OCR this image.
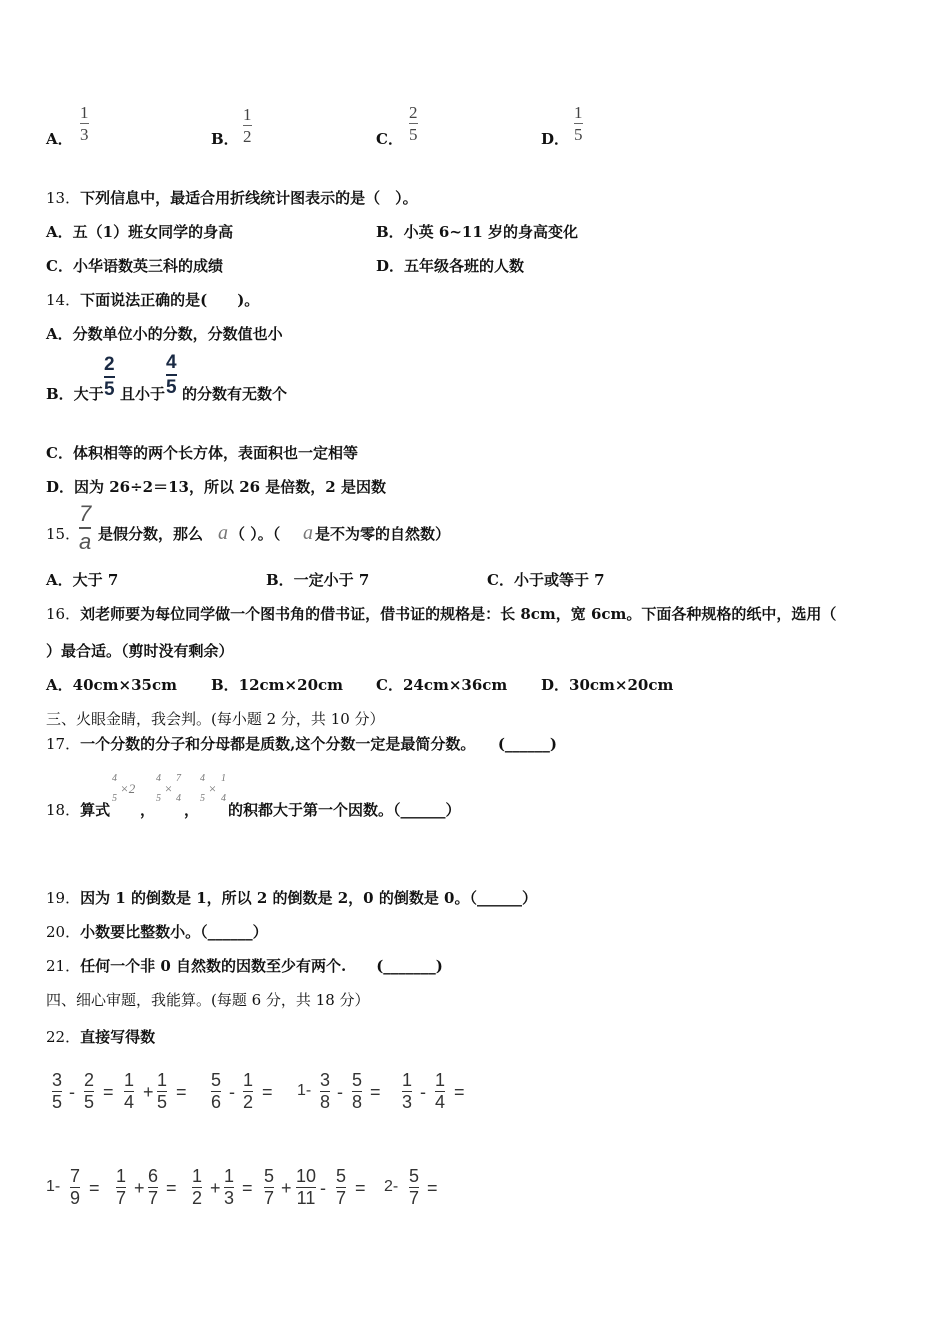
A．
1
3	B．
1
2	C．
2
5	D．
1
5
13．下列信息中，最适合用折线统计图表示的是（　）。
A．五（1）班女同学的身高	B．小英 6~11 岁的身高变化
C．小华语数英三科的成绩	D．五年级各班的人数
14．下面说法正确的是(　　)。
A．分数单位小的分数，分数值也小
B．大于
2
5 且小于
4
5 的分数有无数个
C．体积相等的两个长方体，表面积也一定相等
D．因为 26÷2＝13，所以 26 是倍数，2 是因数
15．
7
a 是假分数，那么 a （ ）。（ a 是不为零的自然数）
A．大于 7	B．一定小于 7	C．小于或等于 7
16．刘老师要为每位同学做一个图书角的借书证，借书证的规格是：长 8cm，宽 6cm。下面各种规格的纸中，选用（
）最合适。（剪时没有剩余）
A．40cm×35cm B．12cm×20cm C．24cm×36cm D．30cm×20cm
三、火眼金睛，我会判。(每小题 2 分，共 10 分）
17．一个分数的分子和分母都是质数,这个分数一定是最简分数。　　(______)
18．算式
4
5
×2
，
4
5
×
7
4
，
4
5
×
1
4
的积都大于第一个因数。（______）
19．因为 1 的倒数是 1，所以 2 的倒数是 2，0 的倒数是 0。（______）
20．小数要比整数小。（______）
21．任何一个非 0 自然数的因数至少有两个.　　(_______)
四、细心审题，我能算。(每题 6 分，共 18 分）
22．直接写得数
3
5 -
2
5 =
1
4 +
1
5 =
5
6 -
1
2 = 1-
3
8 -
5
8 =
1
3 -
1
4 =
1-
7
9 =
1
7 +
6
7 =
1
2 +
1
3 =
5
7 +
10
11 -
5
7 = 2-
5
7 =
